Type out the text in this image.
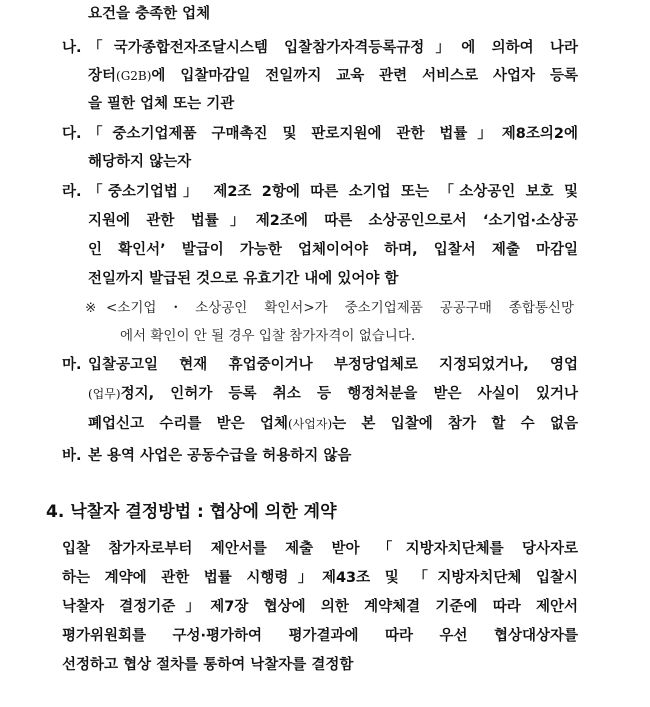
요건을 충족한 업체
나. 「국가종합전자조달시스템 입찰참가자격등록규정」에 의하여 나라
장터(G2B)에 입찰마감일 전일까지 교육 관련 서비스로 사업자 등록
을 필한 업체 또는 기관
다. 「중소기업제품 구매촉진 및 판로지원에 관한 법률」제8조의2에
해당하지 않는자
라. 「중소기업법」 제2조 2항에 따른 소기업 또는 「소상공인 보호 및
지원에 관한 법률」제2조에 따른 소상공인으로서 ‘소기업·소상공
인 확인서’ 발급이 가능한 업체이어야 하며, 입찰서 제출 마감일
전일까지 발급된 것으로 유효기간 내에 있어야 함
※ <소기업・소상공인 확인서>가 중소기업제품 공공구매 종합통신망
에서 확인이 안 될 경우 입찰 참가자격이 없습니다.
마. 입찰공고일 현재 휴업중이거나 부정당업체로 지정되었거나, 영업
(업무)정지, 인허가 등록 취소 등 행정처분을 받은 사실이 있거나
폐업신고 수리를 받은 업체(사업자)는 본 입찰에 참가 할 수 없음
바. 본 용역 사업은 공동수급을 허용하지 않음
4. 낙찰자 결정방법 : 협상에 의한 계약
입찰 참가자로부터 제안서를 제출 받아 「지방자치단체를 당사자로
하는 계약에 관한 법률 시행령」제43조 및 「지방자치단체 입찰시
낙찰자 결정기준」제7장 협상에 의한 계약체결 기준에 따라 제안서
평가위원회를 구성·평가하여 평가결과에 따라 우선 협상대상자를
선정하고 협상 절차를 통하여 낙찰자를 결정함
